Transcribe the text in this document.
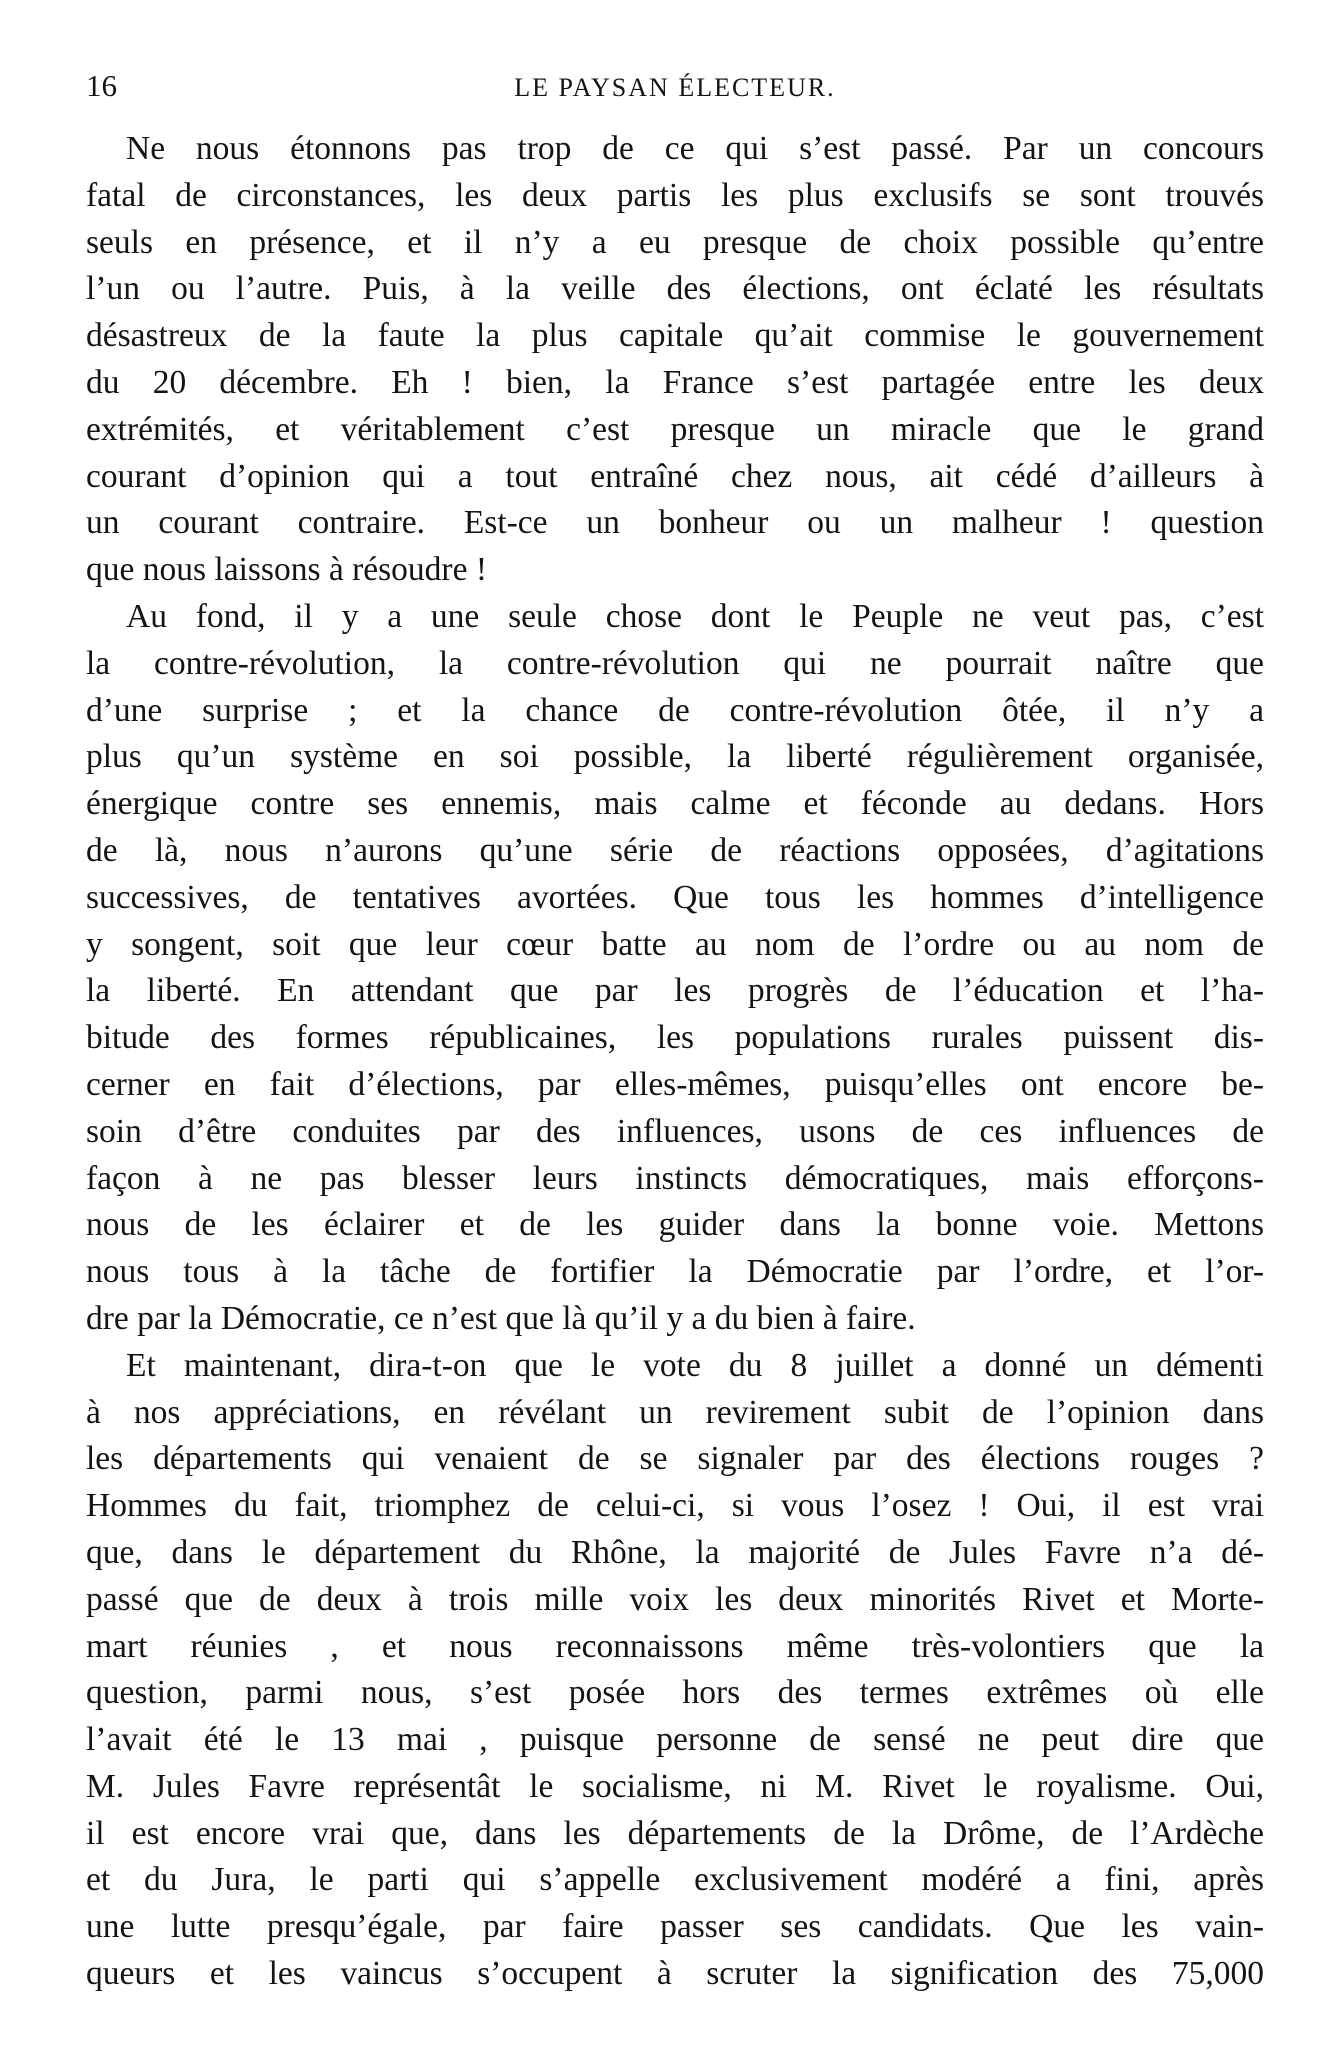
16	LE PAYSAN ÉLECTEUR.

Ne nous étonnons pas trop de ce qui s’est passé. Par un concours
fatal de circonstances, les deux partis les plus exclusifs se sont trouvés
seuls en présence, et il n’y a eu presque de choix possible qu’entre
l’un ou l’autre. Puis, à la veille des élections, ont éclaté les résultats
désastreux de la faute la plus capitale qu’ait commise le gouvernement
du 20 décembre. Eh ! bien, la France s’est partagée entre les deux
extrémités, et véritablement c’est presque un miracle que le grand
courant d’opinion qui a tout entraîné chez nous, ait cédé d’ailleurs à
un courant contraire. Est-ce un bonheur ou un malheur ! question
que nous laissons à résoudre !

Au fond, il y a une seule chose dont le Peuple ne veut pas, c’est
la contre-révolution, la contre-révolution qui ne pourrait naître que
d’une surprise ; et la chance de contre-révolution ôtée, il n’y a
plus qu’un système en soi possible, la liberté régulièrement organisée,
énergique contre ses ennemis, mais calme et féconde au dedans. Hors
de là, nous n’aurons qu’une série de réactions opposées, d’agitations
successives, de tentatives avortées. Que tous les hommes d’intelligence
y songent, soit que leur cœur batte au nom de l’ordre ou au nom de
la liberté. En attendant que par les progrès de l’éducation et l’ha-
bitude des formes républicaines, les populations rurales puissent dis-
cerner en fait d’élections, par elles-mêmes, puisqu’elles ont encore be-
soin d’être conduites par des influences, usons de ces influences de
façon à ne pas blesser leurs instincts démocratiques, mais efforçons-
nous de les éclairer et de les guider dans la bonne voie. Mettons
nous tous à la tâche de fortifier la Démocratie par l’ordre, et l’or-
dre par la Démocratie, ce n’est que là qu’il y a du bien à faire.

Et maintenant, dira-t-on que le vote du 8 juillet a donné un démenti
à nos appréciations, en révélant un revirement subit de l’opinion dans
les départements qui venaient de se signaler par des élections rouges ?
Hommes du fait, triomphez de celui-ci, si vous l’osez ! Oui, il est vrai
que, dans le département du Rhône, la majorité de Jules Favre n’a dé-
passé que de deux à trois mille voix les deux minorités Rivet et Morte-
mart réunies , et nous reconnaissons même très-volontiers que la
question, parmi nous, s’est posée hors des termes extrêmes où elle
l’avait été le 13 mai , puisque personne de sensé ne peut dire que
M. Jules Favre représentât le socialisme, ni M. Rivet le royalisme. Oui,
il est encore vrai que, dans les départements de la Drôme, de l’Ardèche
et du Jura, le parti qui s’appelle exclusivement modéré a fini, après
une lutte presqu’égale, par faire passer ses candidats. Que les vain-
queurs et les vaincus s’occupent à scruter la signification des 75,000
